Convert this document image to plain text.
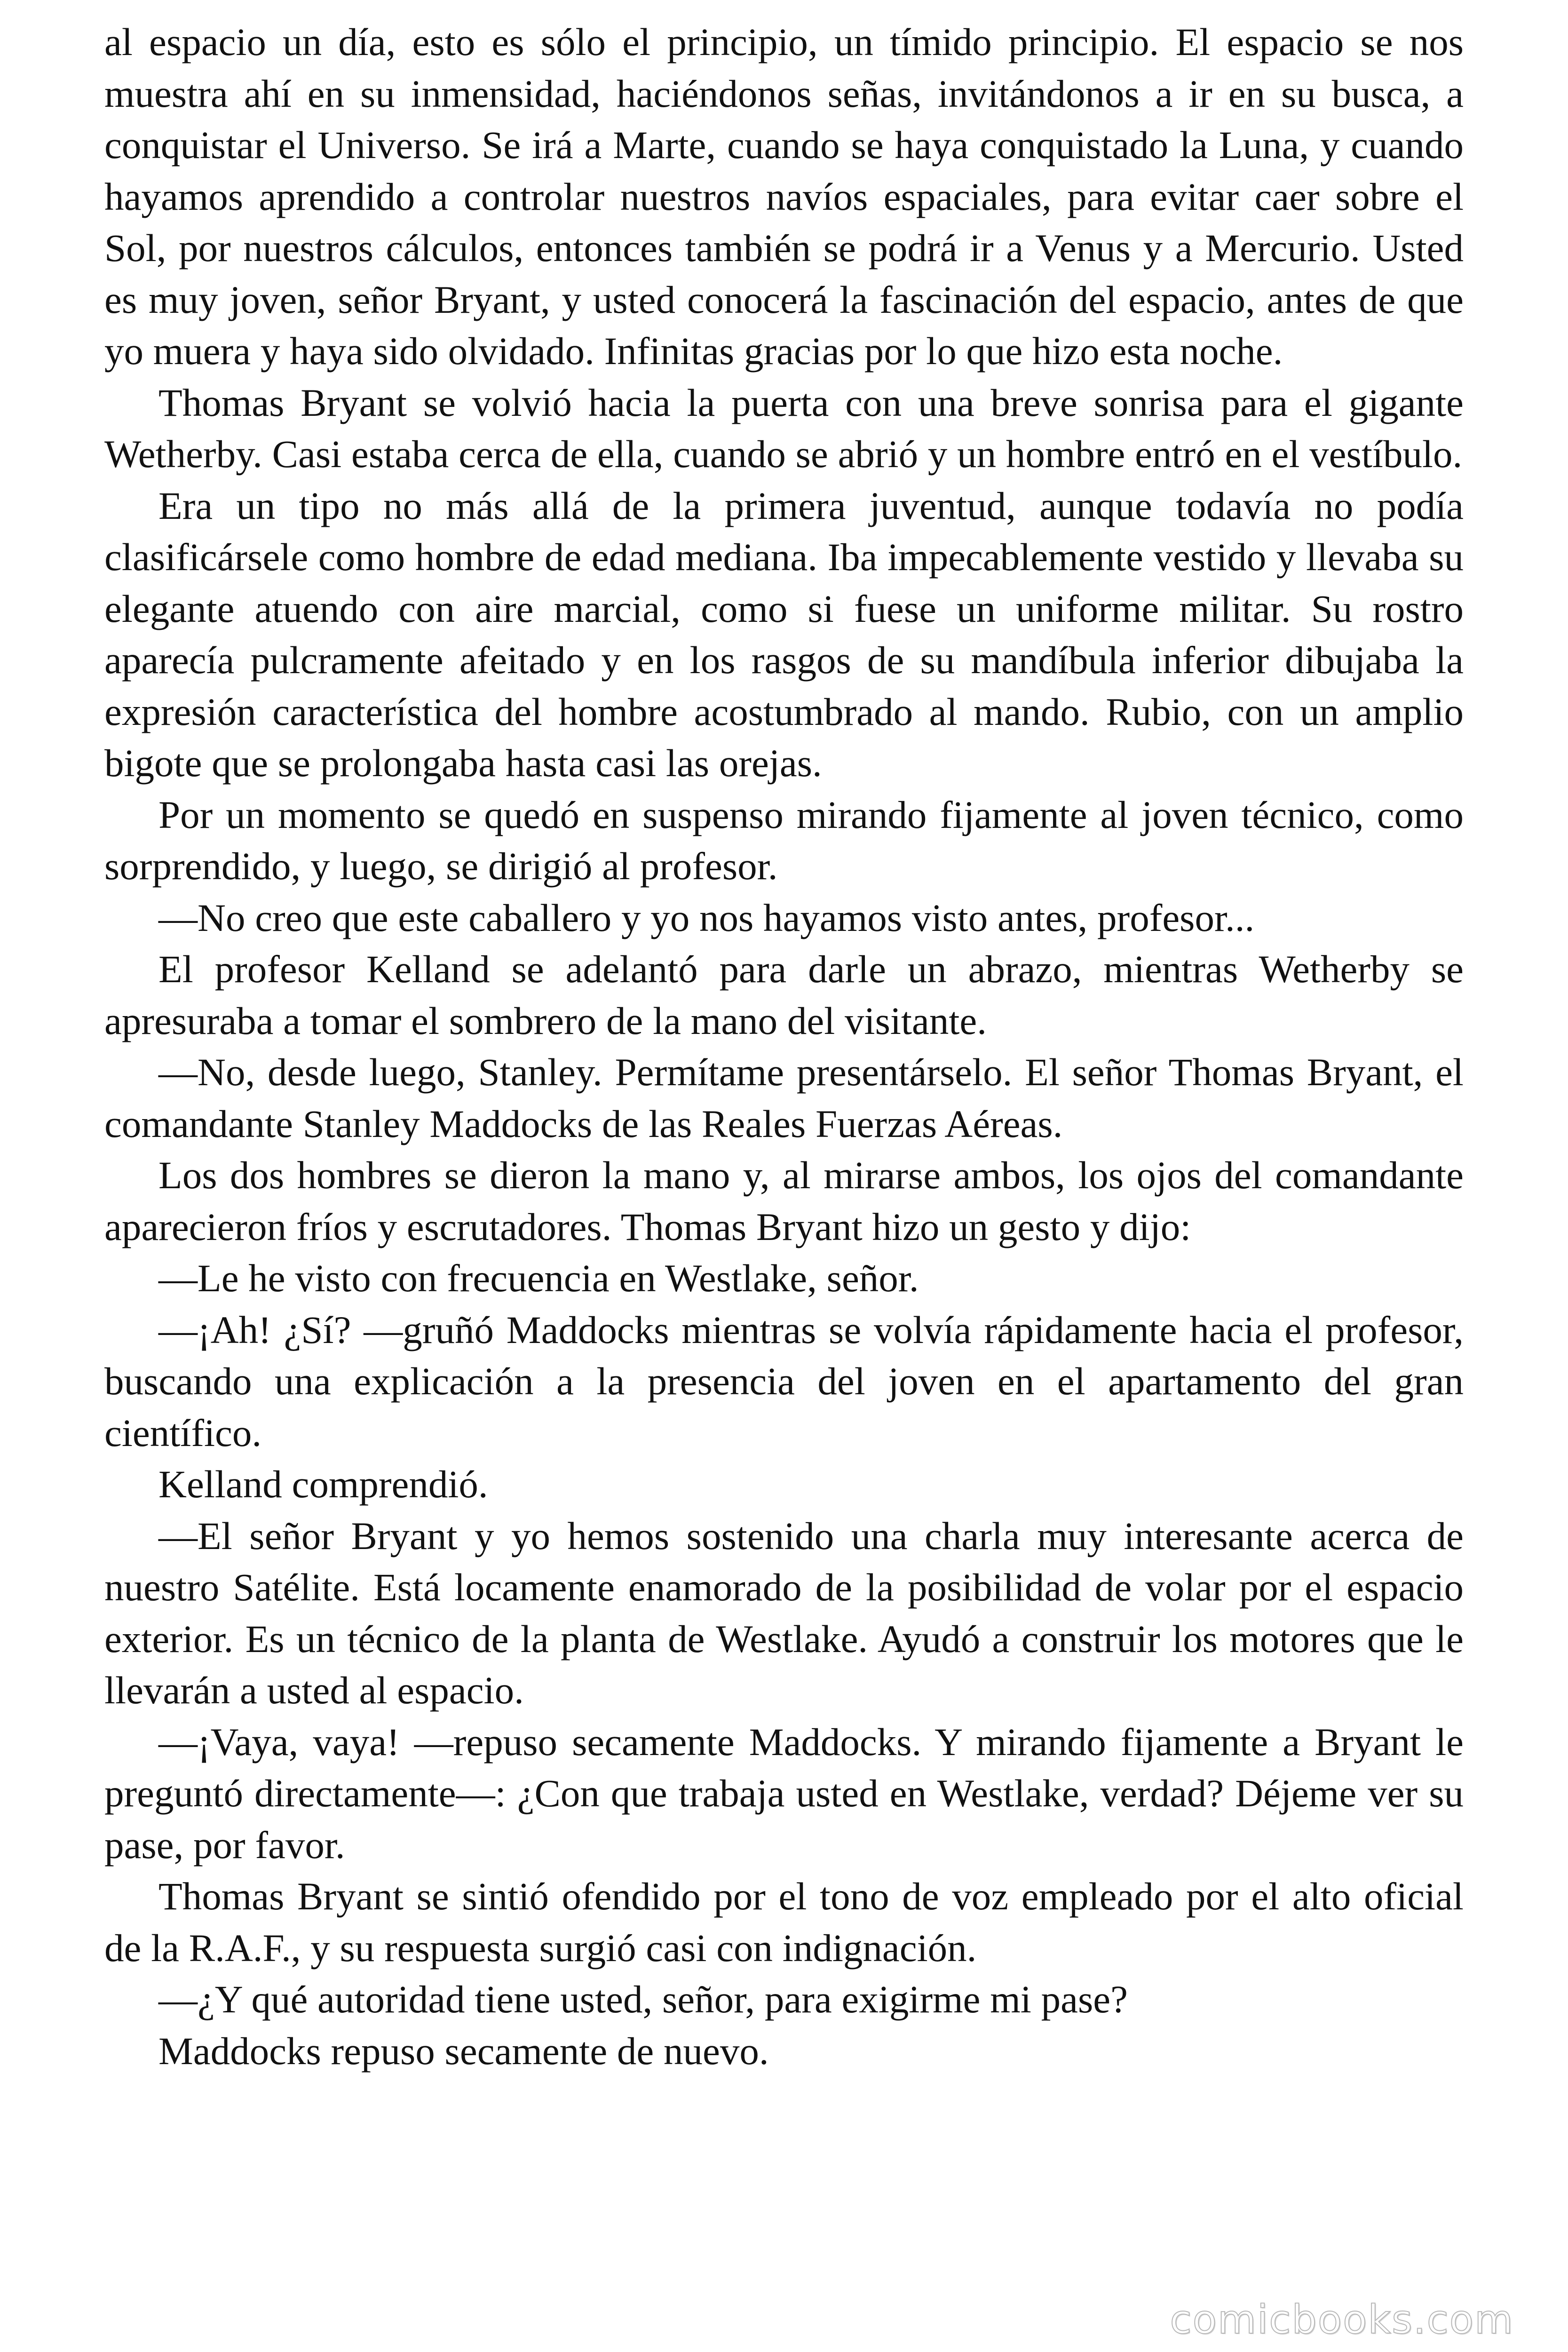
al espacio un día, esto es sólo el principio, un tímido principio. El espacio se nos muestra ahí en su inmensidad, haciéndonos señas, invitándonos a ir en su busca, a conquistar el Universo. Se irá a Marte, cuando se haya conquistado la Luna, y cuando hayamos aprendido a controlar nuestros navíos espaciales, para evitar caer sobre el Sol, por nuestros cálculos, entonces también se podrá ir a Venus y a Mercurio. Usted es muy joven, señor Bryant, y usted conocerá la fascinación del espacio, antes de que yo muera y haya sido olvidado. Infinitas gracias por lo que hizo esta noche.

Thomas Bryant se volvió hacia la puerta con una breve sonrisa para el gigante Wetherby. Casi estaba cerca de ella, cuando se abrió y un hombre entró en el vestíbulo.

Era un tipo no más allá de la primera juventud, aunque todavía no podía clasificársele como hombre de edad mediana. Iba impecablemente vestido y llevaba su elegante atuendo con aire marcial, como si fuese un uniforme militar. Su rostro aparecía pulcramente afeitado y en los rasgos de su mandíbula inferior dibujaba la expresión característica del hombre acostumbrado al mando. Rubio, con un amplio bigote que se prolongaba hasta casi las orejas.

Por un momento se quedó en suspenso mirando fijamente al joven técnico, como sorprendido, y luego, se dirigió al profesor.

—No creo que este caballero y yo nos hayamos visto antes, profesor...

El profesor Kelland se adelantó para darle un abrazo, mientras Wetherby se apresuraba a tomar el sombrero de la mano del visitante.

—No, desde luego, Stanley. Permítame presentárselo. El señor Thomas Bryant, el comandante Stanley Maddocks de las Reales Fuerzas Aéreas.

Los dos hombres se dieron la mano y, al mirarse ambos, los ojos del comandante aparecieron fríos y escrutadores. Thomas Bryant hizo un gesto y dijo:

—Le he visto con frecuencia en Westlake, señor.

—¡Ah! ¿Sí? —gruñó Maddocks mientras se volvía rápidamente hacia el profesor, buscando una explicación a la presencia del joven en el apartamento del gran científico.

Kelland comprendió.

—El señor Bryant y yo hemos sostenido una charla muy interesante acerca de nuestro Satélite. Está locamente enamorado de la posibilidad de volar por el espacio exterior. Es un técnico de la planta de Westlake. Ayudó a construir los motores que le llevarán a usted al espacio.

—¡Vaya, vaya! —repuso secamente Maddocks. Y mirando fijamente a Bryant le preguntó directamente—: ¿Con que trabaja usted en Westlake, verdad? Déjeme ver su pase, por favor.

Thomas Bryant se sintió ofendido por el tono de voz empleado por el alto oficial de la R.A.F., y su respuesta surgió casi con indignación.

—¿Y qué autoridad tiene usted, señor, para exigirme mi pase?

Maddocks repuso secamente de nuevo.

comicbooks.com
